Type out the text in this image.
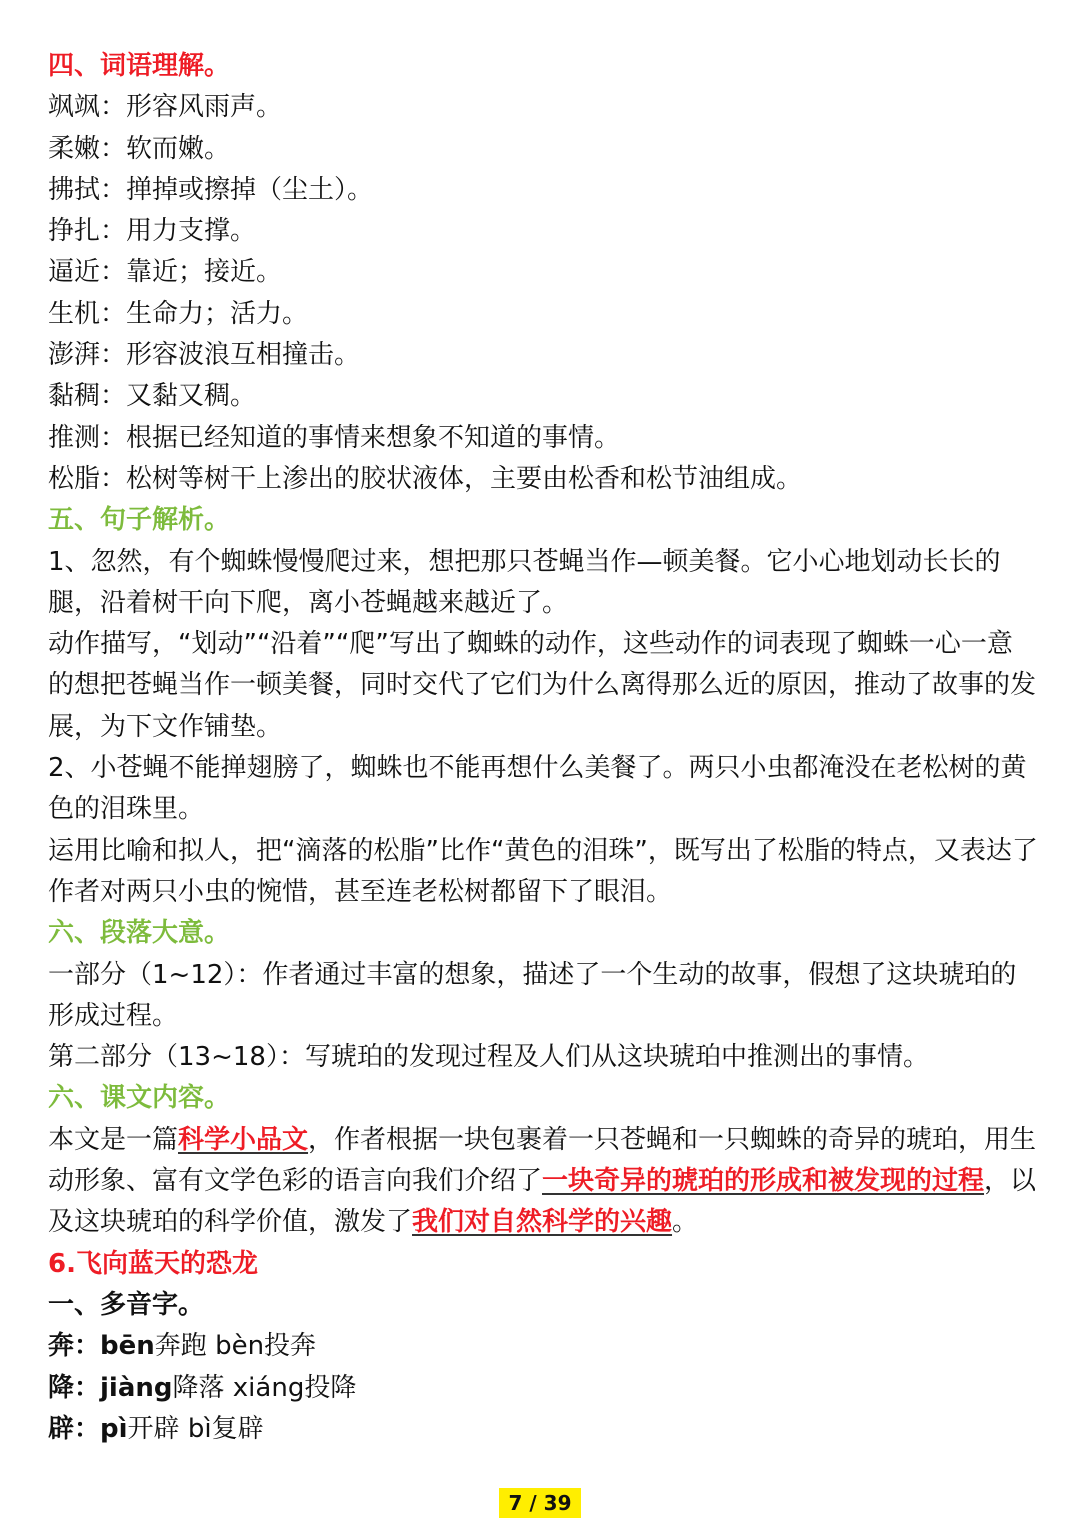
四、词语理解。
飒飒：形容风雨声。
柔嫩：软而嫩。
拂拭：掸掉或擦掉（尘土）。
挣扎：用力支撑。
逼近：靠近；接近。
生机：生命力；活力。
澎湃：形容波浪互相撞击。
黏稠：又黏又稠。
推测：根据已经知道的事情来想象不知道的事情。
松脂：松树等树干上渗出的胶状液体，主要由松香和松节油组成。
五、句子解析。
1、忽然，有个蜘蛛慢慢爬过来，想把那只苍蝇当作—顿美餐。它小心地划动长长的腿，沿着树干向下爬，离小苍蝇越来越近了。
动作描写，“划动”“沿着”“爬”写出了蜘蛛的动作，这些动作的词表现了蜘蛛一心一意的想把苍蝇当作一顿美餐，同时交代了它们为什么离得那么近的原因，推动了故事的发展，为下文作铺垫。
2、小苍蝇不能掸翅膀了，蜘蛛也不能再想什么美餐了。两只小虫都淹没在老松树的黄色的泪珠里。
运用比喻和拟人，把“滴落的松脂”比作“黄色的泪珠”，既写出了松脂的特点，又表达了作者对两只小虫的惋惜，甚至连老松树都留下了眼泪。
六、段落大意。
一部分（1~12）：作者通过丰富的想象，描述了一个生动的故事，假想了这块琥珀的形成过程。
第二部分（13~18）：写琥珀的发现过程及人们从这块琥珀中推测出的事情。
六、课文内容。
本文是一篇科学小品文，作者根据一块包裹着一只苍蝇和一只蜘蛛的奇异的琥珀，用生动形象、富有文学色彩的语言向我们介绍了一块奇异的琥珀的形成和被发现的过程，以及这块琥珀的科学价值，激发了我们对自然科学的兴趣。
6.飞向蓝天的恐龙
一、多音字。
奔：bēn奔跑 bèn投奔
降：jiàng降落 xiáng投降
辟：pì开辟 bì复辟
7 / 39
